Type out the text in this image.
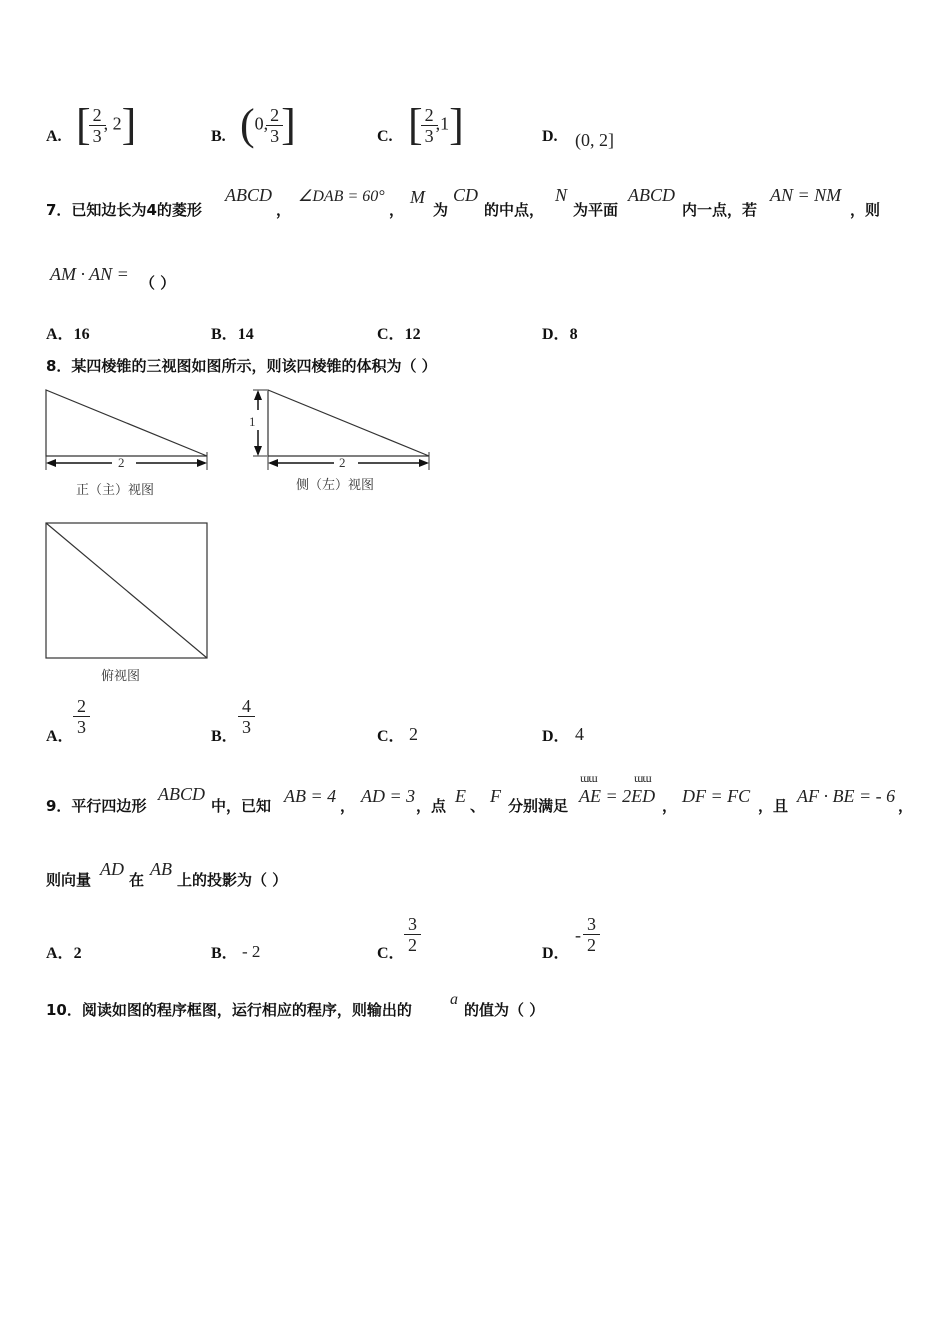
A. [ $\frac{2}{3}$ , 2]	B. (0, $\frac{2}{3}$ ]	C. [ $\frac{2}{3} ,1$]	D. (0, 2]
7．已知边长为4的菱形
ABCD
，
∠DAB = 60°
，
M
为
CD
的中点，
N
为平面
ABCD
内一点，若
AN = NM
，则
AM · AN = （ ）
A．16	B．14	C．12	D．8
8．某四棱锥的三视图如图所示，则该四棱锥的体积为（ ）
2
正（主）视图
1
2
侧（左）视图
俯视图
A．
2
3	B．
4
3	C． 2	D． 4
9．平行四边形
ABCD
中，已知 AB = 4 ， AD = 3 ，点 E 、 F 分别满足
ɯɯ	ɯɯ
AE = 2ED ， DF = FC ，且 AF · BE = - 6 ，
则向量
AD
在
AB
上的投影为（ ）
A．2	B． - 2	C．
3
2	D．
-
3
2
10．阅读如图的程序框图，运行相应的程序，则输出的
a
的值为（ ）
